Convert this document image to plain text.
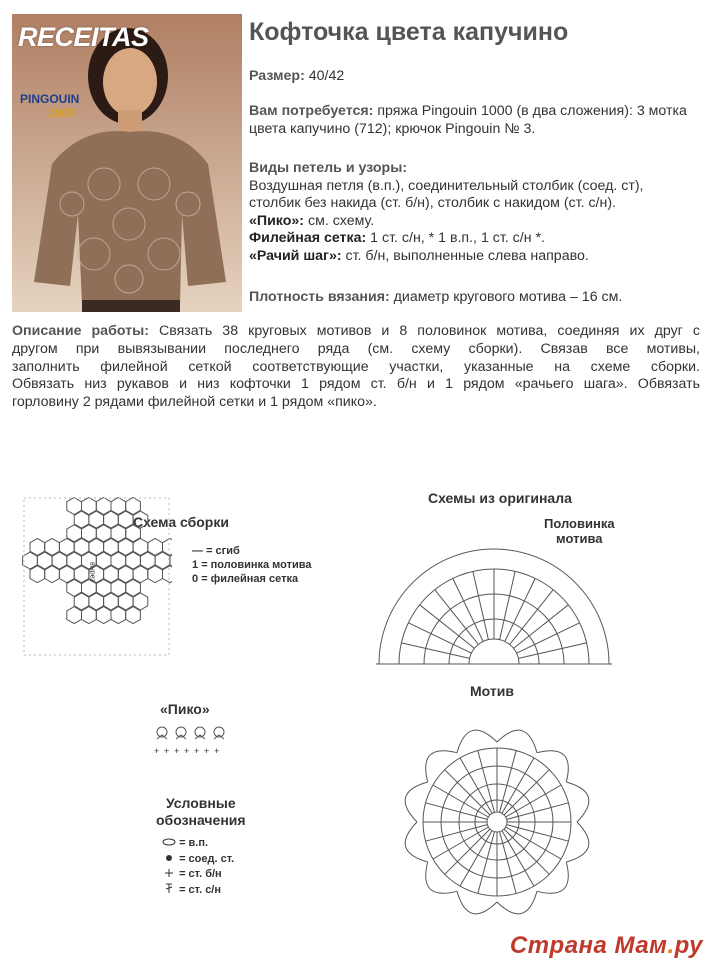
RECEITAS
PINGOUIN
1000
Кофточка цвета капучино
Размер: 40/42
Вам потребуется: пряжа Pingouin 1000 (в два сложения): 3 мотка цвета капучино (712); крючок Pingouin № 3.
Виды петель и узоры:
Воздушная петля (в.п.), соединительный столбик (соед. ст),
столбик без накида (ст. б/н), столбик с накидом (ст. с/н).
«Пико»: см. схему.
Филейная сетка: 1 ст. с/н, * 1 в.п., 1 ст. с/н *.
«Рачий шаг»: ст. б/н, выполненные слева направо.
Плотность вязания: диаметр кругового мотива – 16 см.
Описание работы: Связать 38 круговых мотивов и 8 половинок мотива, соединяя их друг с
другом при вывязывании последнего ряда (см. схему сборки). Связав все мотивы,
заполнить филейной сеткой соответствующие участки, указанные на схеме сборки.
Обвязать низ рукавов и низ кофточки 1 рядом ст. б/н и 1 рядом «рачьего шага». Обвязать
горловину 2 рядами филейной сетки и 1 рядом «пико».
Схема сборки
вырез
— = сгиб
1 = половинка мотива
0 = филейная сетка
Схемы из оригинала
Половинка
мотива
Мотив
«Пико»
+ + + + + + +
Условные
обозначения
= в.п.
= соед. ст.
= ст. б/н
= ст. с/н
Страна Мам.ру
